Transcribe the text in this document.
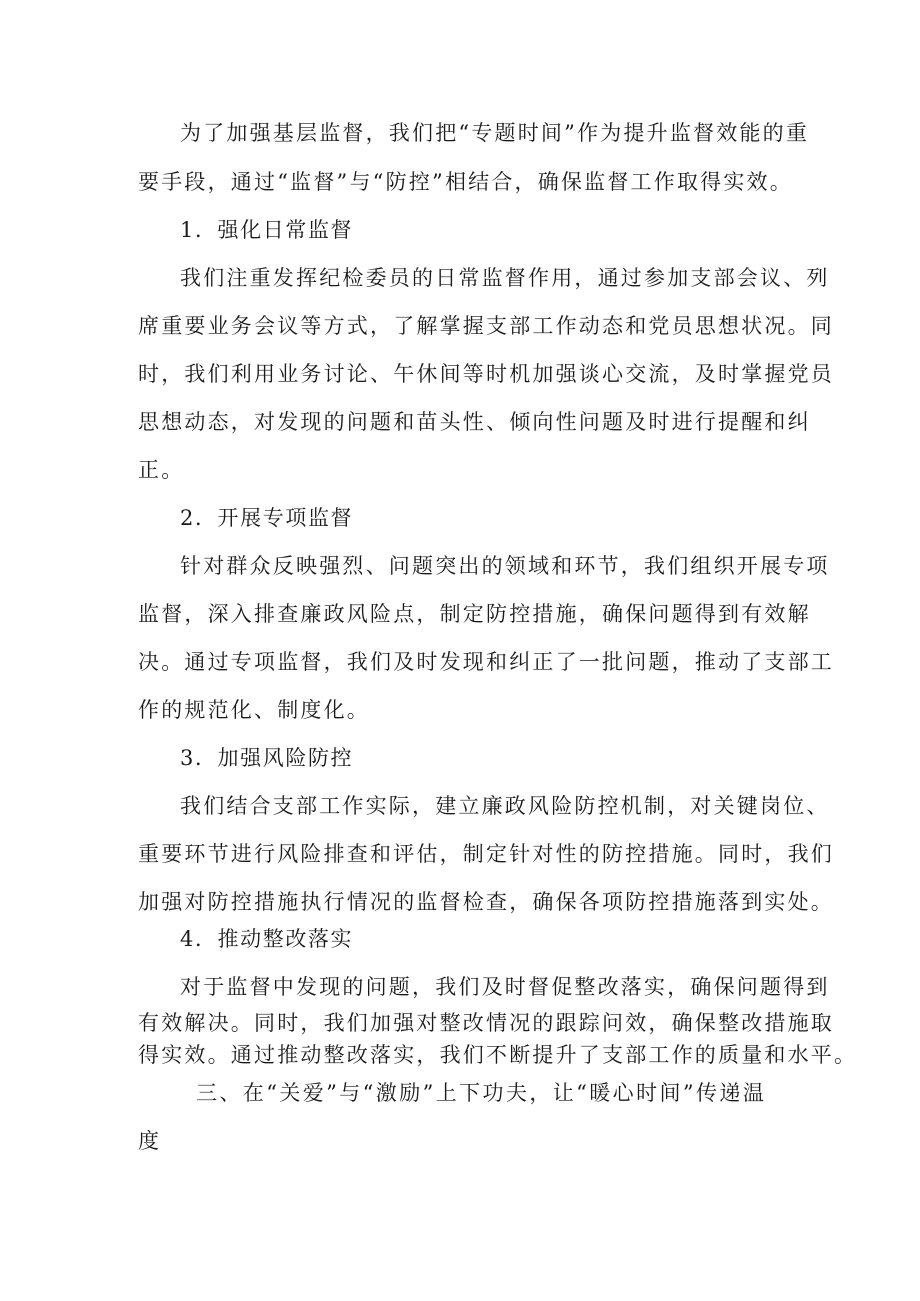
为了加强基层监督，我们把“专题时间”作为提升监督效能的重
要手段，通过“监督”与“防控”相结合，确保监督工作取得实效。
1．强化日常监督
我们注重发挥纪检委员的日常监督作用，通过参加支部会议、列
席重要业务会议等方式，了解掌握支部工作动态和党员思想状况。同
时，我们利用业务讨论、午休间等时机加强谈心交流，及时掌握党员
思想动态，对发现的问题和苗头性、倾向性问题及时进行提醒和纠
正。
2．开展专项监督
针对群众反映强烈、问题突出的领域和环节，我们组织开展专项
监督，深入排查廉政风险点，制定防控措施，确保问题得到有效解
决。通过专项监督，我们及时发现和纠正了一批问题，推动了支部工
作的规范化、制度化。
3．加强风险防控
我们结合支部工作实际，建立廉政风险防控机制，对关键岗位、
重要环节进行风险排查和评估，制定针对性的防控措施。同时，我们
加强对防控措施执行情况的监督检查，确保各项防控措施落到实处。
4．推动整改落实
对于监督中发现的问题，我们及时督促整改落实，确保问题得到
有效解决。同时，我们加强对整改情况的跟踪问效，确保整改措施取
得实效。通过推动整改落实，我们不断提升了支部工作的质量和水平。
三、在“关爱”与“激励”上下功夫，让“暖心时间”传递温
度
